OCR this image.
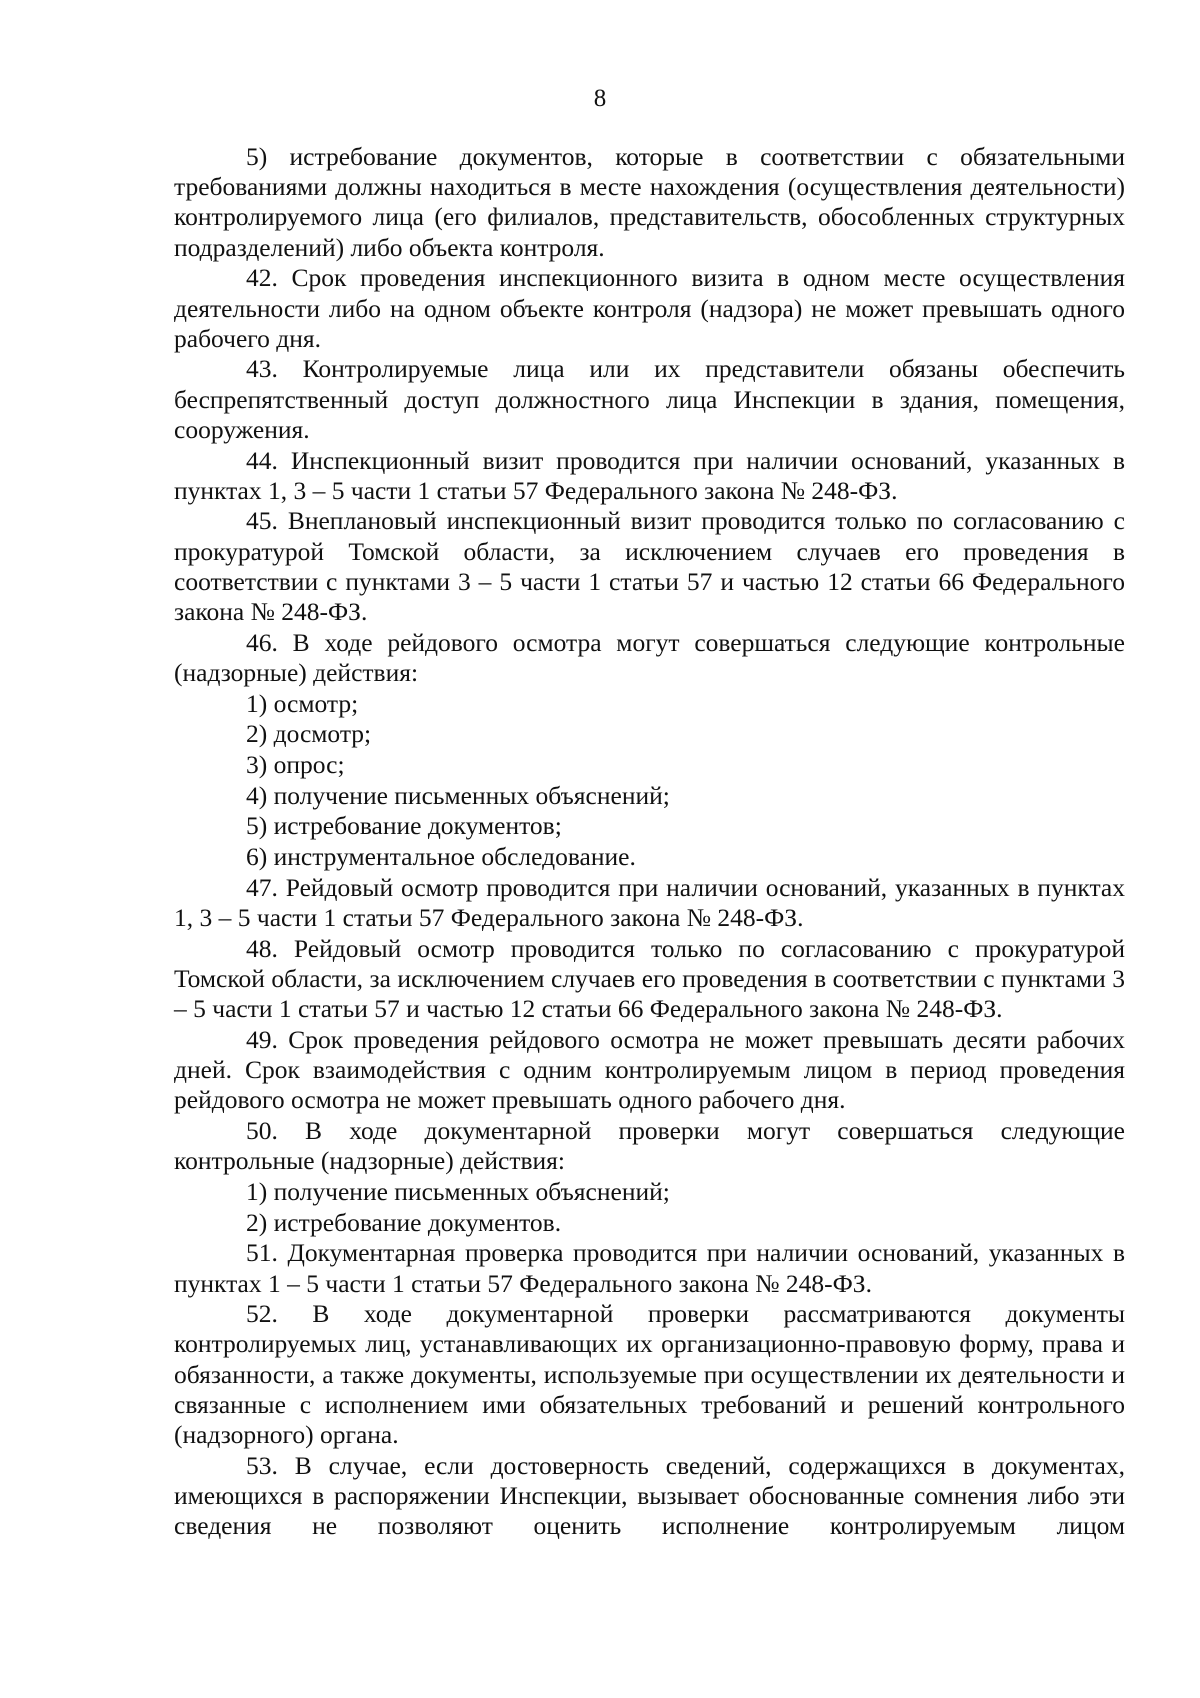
8

5) истребование документов, которые в соответствии с обязательными требованиями должны находиться в месте нахождения (осуществления деятельности) контролируемого лица (его филиалов, представительств, обособленных структурных подразделений) либо объекта контроля.

42. Срок проведения инспекционного визита в одном месте осуществления деятельности либо на одном объекте контроля (надзора) не может превышать одного рабочего дня.

43. Контролируемые лица или их представители обязаны обеспечить беспрепятственный доступ должностного лица Инспекции в здания, помещения, сооружения.

44. Инспекционный визит проводится при наличии оснований, указанных в пунктах 1, 3 – 5 части 1 статьи 57 Федерального закона № 248-ФЗ.

45. Внеплановый инспекционный визит проводится только по согласованию с прокуратурой Томской области, за исключением случаев его проведения в соответствии с пунктами 3 – 5 части 1 статьи 57 и частью 12 статьи 66 Федерального закона № 248-ФЗ.

46. В ходе рейдового осмотра могут совершаться следующие контрольные (надзорные) действия:

1) осмотр;

2) досмотр;

3) опрос;

4) получение письменных объяснений;

5) истребование документов;

6) инструментальное обследование.

47. Рейдовый осмотр проводится при наличии оснований, указанных в пунктах 1, 3 – 5 части 1 статьи 57 Федерального закона № 248-ФЗ.

48. Рейдовый осмотр проводится только по согласованию с прокуратурой Томской области, за исключением случаев его проведения в соответствии с пунктами 3 – 5 части 1 статьи 57 и частью 12 статьи 66 Федерального закона № 248-ФЗ.

49. Срок проведения рейдового осмотра не может превышать десяти рабочих дней. Срок взаимодействия с одним контролируемым лицом в период проведения рейдового осмотра не может превышать одного рабочего дня.

50. В ходе документарной проверки могут совершаться следующие контрольные (надзорные) действия:

1) получение письменных объяснений;

2) истребование документов.

51. Документарная проверка проводится при наличии оснований, указанных в пунктах 1 – 5 части 1 статьи 57 Федерального закона № 248-ФЗ.

52. В ходе документарной проверки рассматриваются документы контролируемых лиц, устанавливающих их организационно-правовую форму, права и обязанности, а также документы, используемые при осуществлении их деятельности и связанные с исполнением ими обязательных требований и решений контрольного (надзорного) органа.

53. В случае, если достоверность сведений, содержащихся в документах, имеющихся в распоряжении Инспекции, вызывает обоснованные сомнения либо эти сведения не позволяют оценить исполнение контролируемым лицом
